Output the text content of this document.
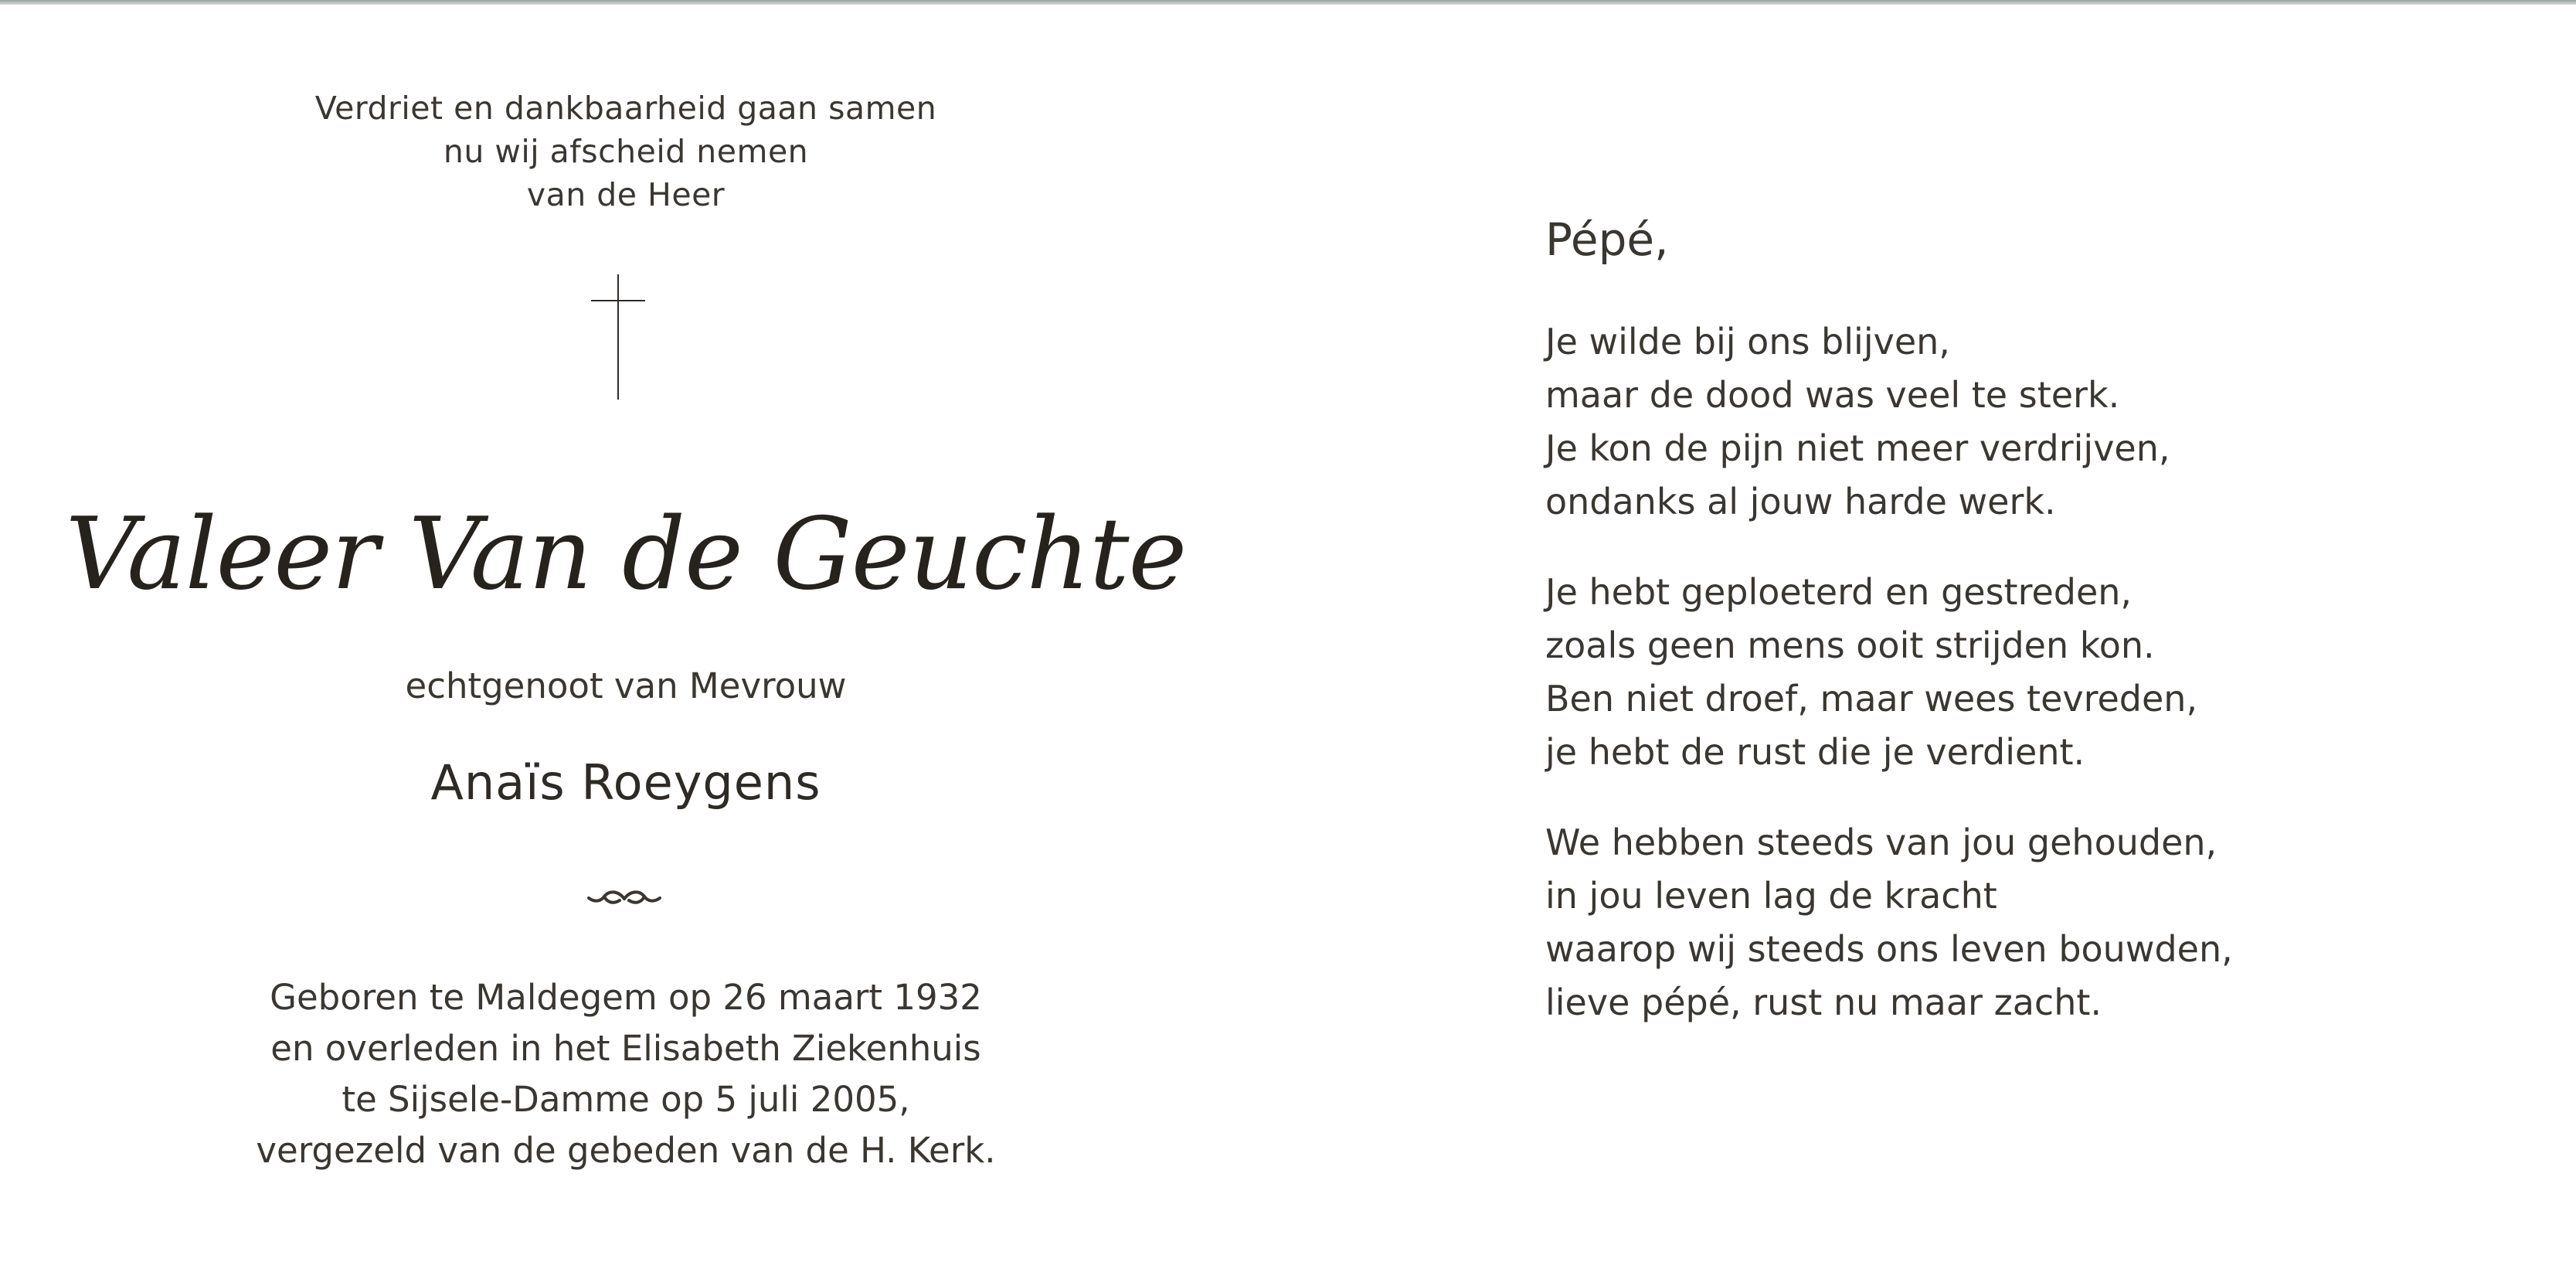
Verdriet en dankbaarheid gaan samen
nu wij afscheid nemen
van de Heer
Valeer Van de Geuchte
echtgenoot van Mevrouw
Anaïs Roeygens
Geboren te Maldegem op 26 maart 1932
en overleden in het Elisabeth Ziekenhuis
te Sijsele-Damme op 5 juli 2005,
vergezeld van de gebeden van de H. Kerk.
Pépé,
Je wilde bij ons blijven,
maar de dood was veel te sterk.
Je kon de pijn niet meer verdrijven,
ondanks al jouw harde werk.
Je hebt geploeterd en gestreden,
zoals geen mens ooit strijden kon.
Ben niet droef, maar wees tevreden,
je hebt de rust die je verdient.
We hebben steeds van jou gehouden,
in jou leven lag de kracht
waarop wij steeds ons leven bouwden,
lieve pépé, rust nu maar zacht.
